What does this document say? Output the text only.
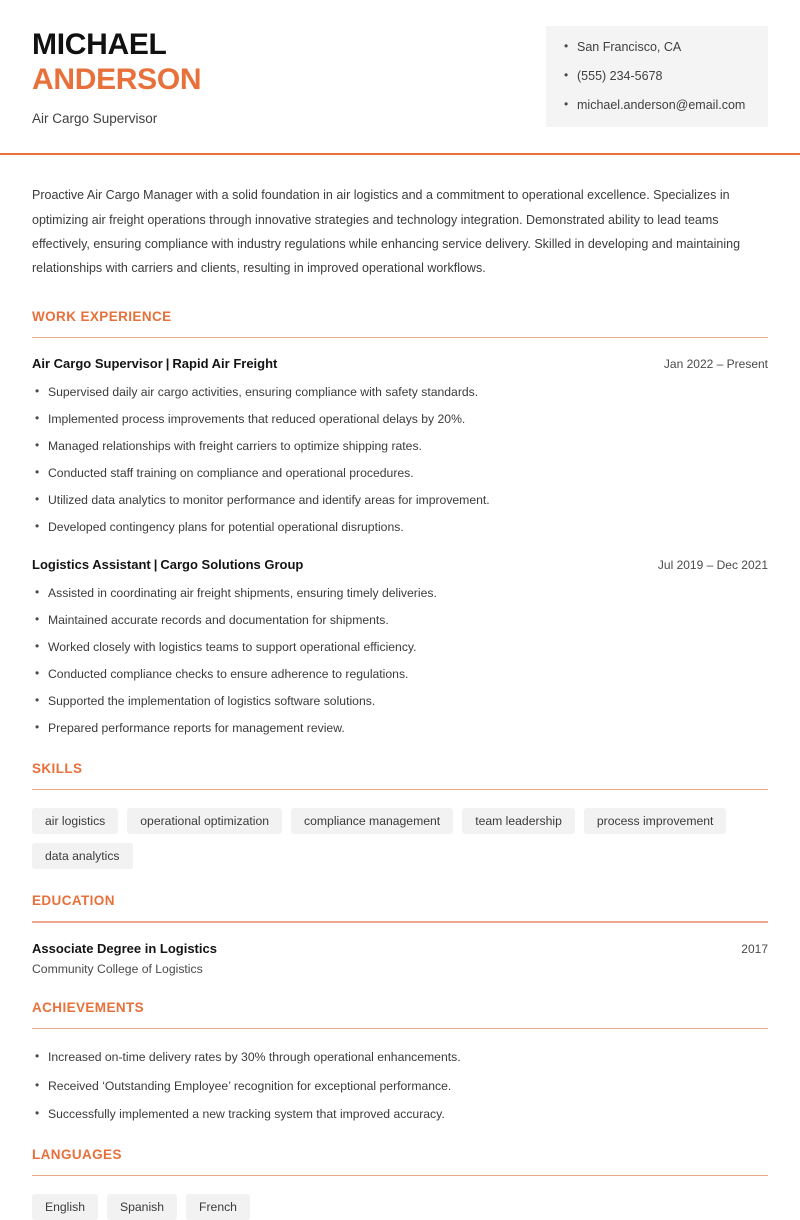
MICHAEL
ANDERSON
Air Cargo Supervisor
• San Francisco, CA
• (555) 234-5678
• michael.anderson@email.com

Proactive Air Cargo Manager with a solid foundation in air logistics and a commitment to operational excellence. Specializes in optimizing air freight operations through innovative strategies and technology integration. Demonstrated ability to lead teams effectively, ensuring compliance with industry regulations while enhancing service delivery. Skilled in developing and maintaining relationships with carriers and clients, resulting in improved operational workflows.

WORK EXPERIENCE
Air Cargo Supervisor | Rapid Air Freight	Jan 2022 – Present
• Supervised daily air cargo activities, ensuring compliance with safety standards.
• Implemented process improvements that reduced operational delays by 20%.
• Managed relationships with freight carriers to optimize shipping rates.
• Conducted staff training on compliance and operational procedures.
• Utilized data analytics to monitor performance and identify areas for improvement.
• Developed contingency plans for potential operational disruptions.
Logistics Assistant | Cargo Solutions Group	Jul 2019 – Dec 2021
• Assisted in coordinating air freight shipments, ensuring timely deliveries.
• Maintained accurate records and documentation for shipments.
• Worked closely with logistics teams to support operational efficiency.
• Conducted compliance checks to ensure adherence to regulations.
• Supported the implementation of logistics software solutions.
• Prepared performance reports for management review.
SKILLS
air logistics	operational optimization	compliance management	team leadership	process improvement
data analytics
EDUCATION
Associate Degree in Logistics	2017
Community College of Logistics
ACHIEVEMENTS
• Increased on-time delivery rates by 30% through operational enhancements.
• Received ‘Outstanding Employee’ recognition for exceptional performance.
• Successfully implemented a new tracking system that improved accuracy.
LANGUAGES
English	Spanish	French
